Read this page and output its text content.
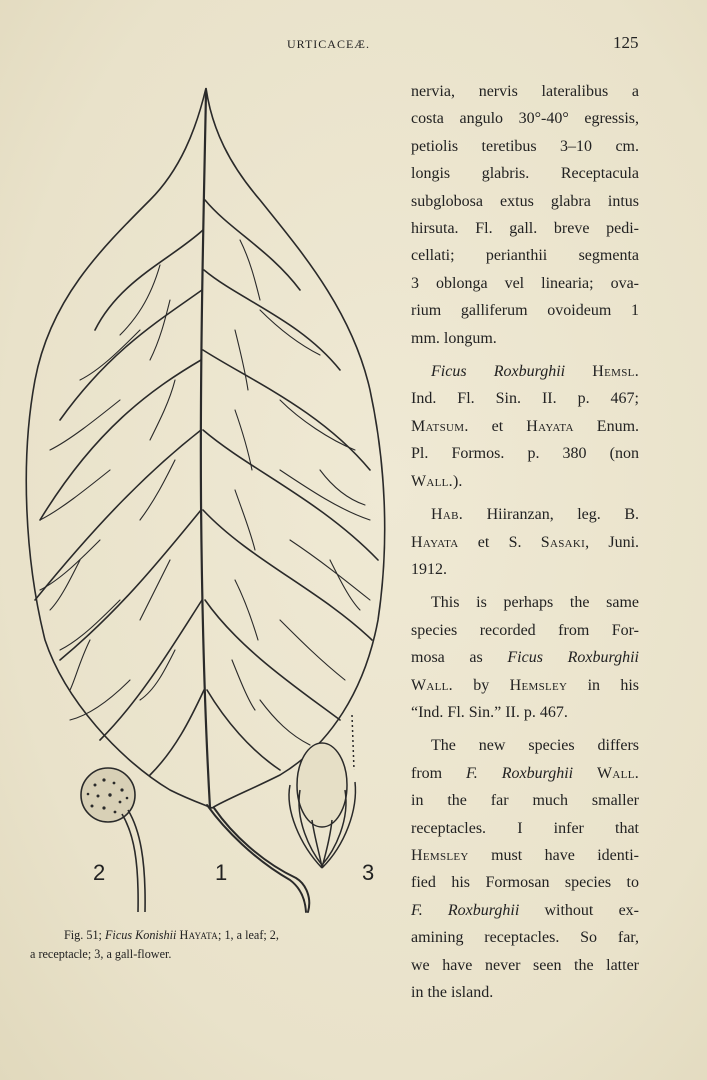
URTICACEÆ.	125
2	1	3
Fig. 51; Ficus Konishii Hayata; 1, a leaf; 2,
a receptacle; 3, a gall-flower.

nervia, nervis lateralibus a
costa angulo 30°-40° egressis,
petiolis teretibus 3–10 cm.
longis glabris. Receptacula
subglobosa extus glabra intus
hirsuta. Fl. gall. breve pedi-
cellati; perianthii segmenta
3 oblonga vel linearia; ova-
rium galliferum ovoideum 1
mm. longum.

Ficus Roxburghii Hemsl.
Ind. Fl. Sin. II. p. 467;
Matsum. et Hayata Enum.
Pl. Formos. p. 380 (non
Wall.).

Hab. Hiiranzan, leg. B.
Hayata et S. Sasaki, Juni.
1912.

This is perhaps the same
species recorded from For-
mosa as Ficus Roxburghii
Wall. by Hemsley in his
“Ind. Fl. Sin.” II. p. 467.

The new species differs
from F. Roxburghii Wall.
in the far much smaller
receptacles. I infer that
Hemsley must have identi-
fied his Formosan species to
F. Roxburghii without ex-
amining receptacles. So far,
we have never seen the latter
in the island.
